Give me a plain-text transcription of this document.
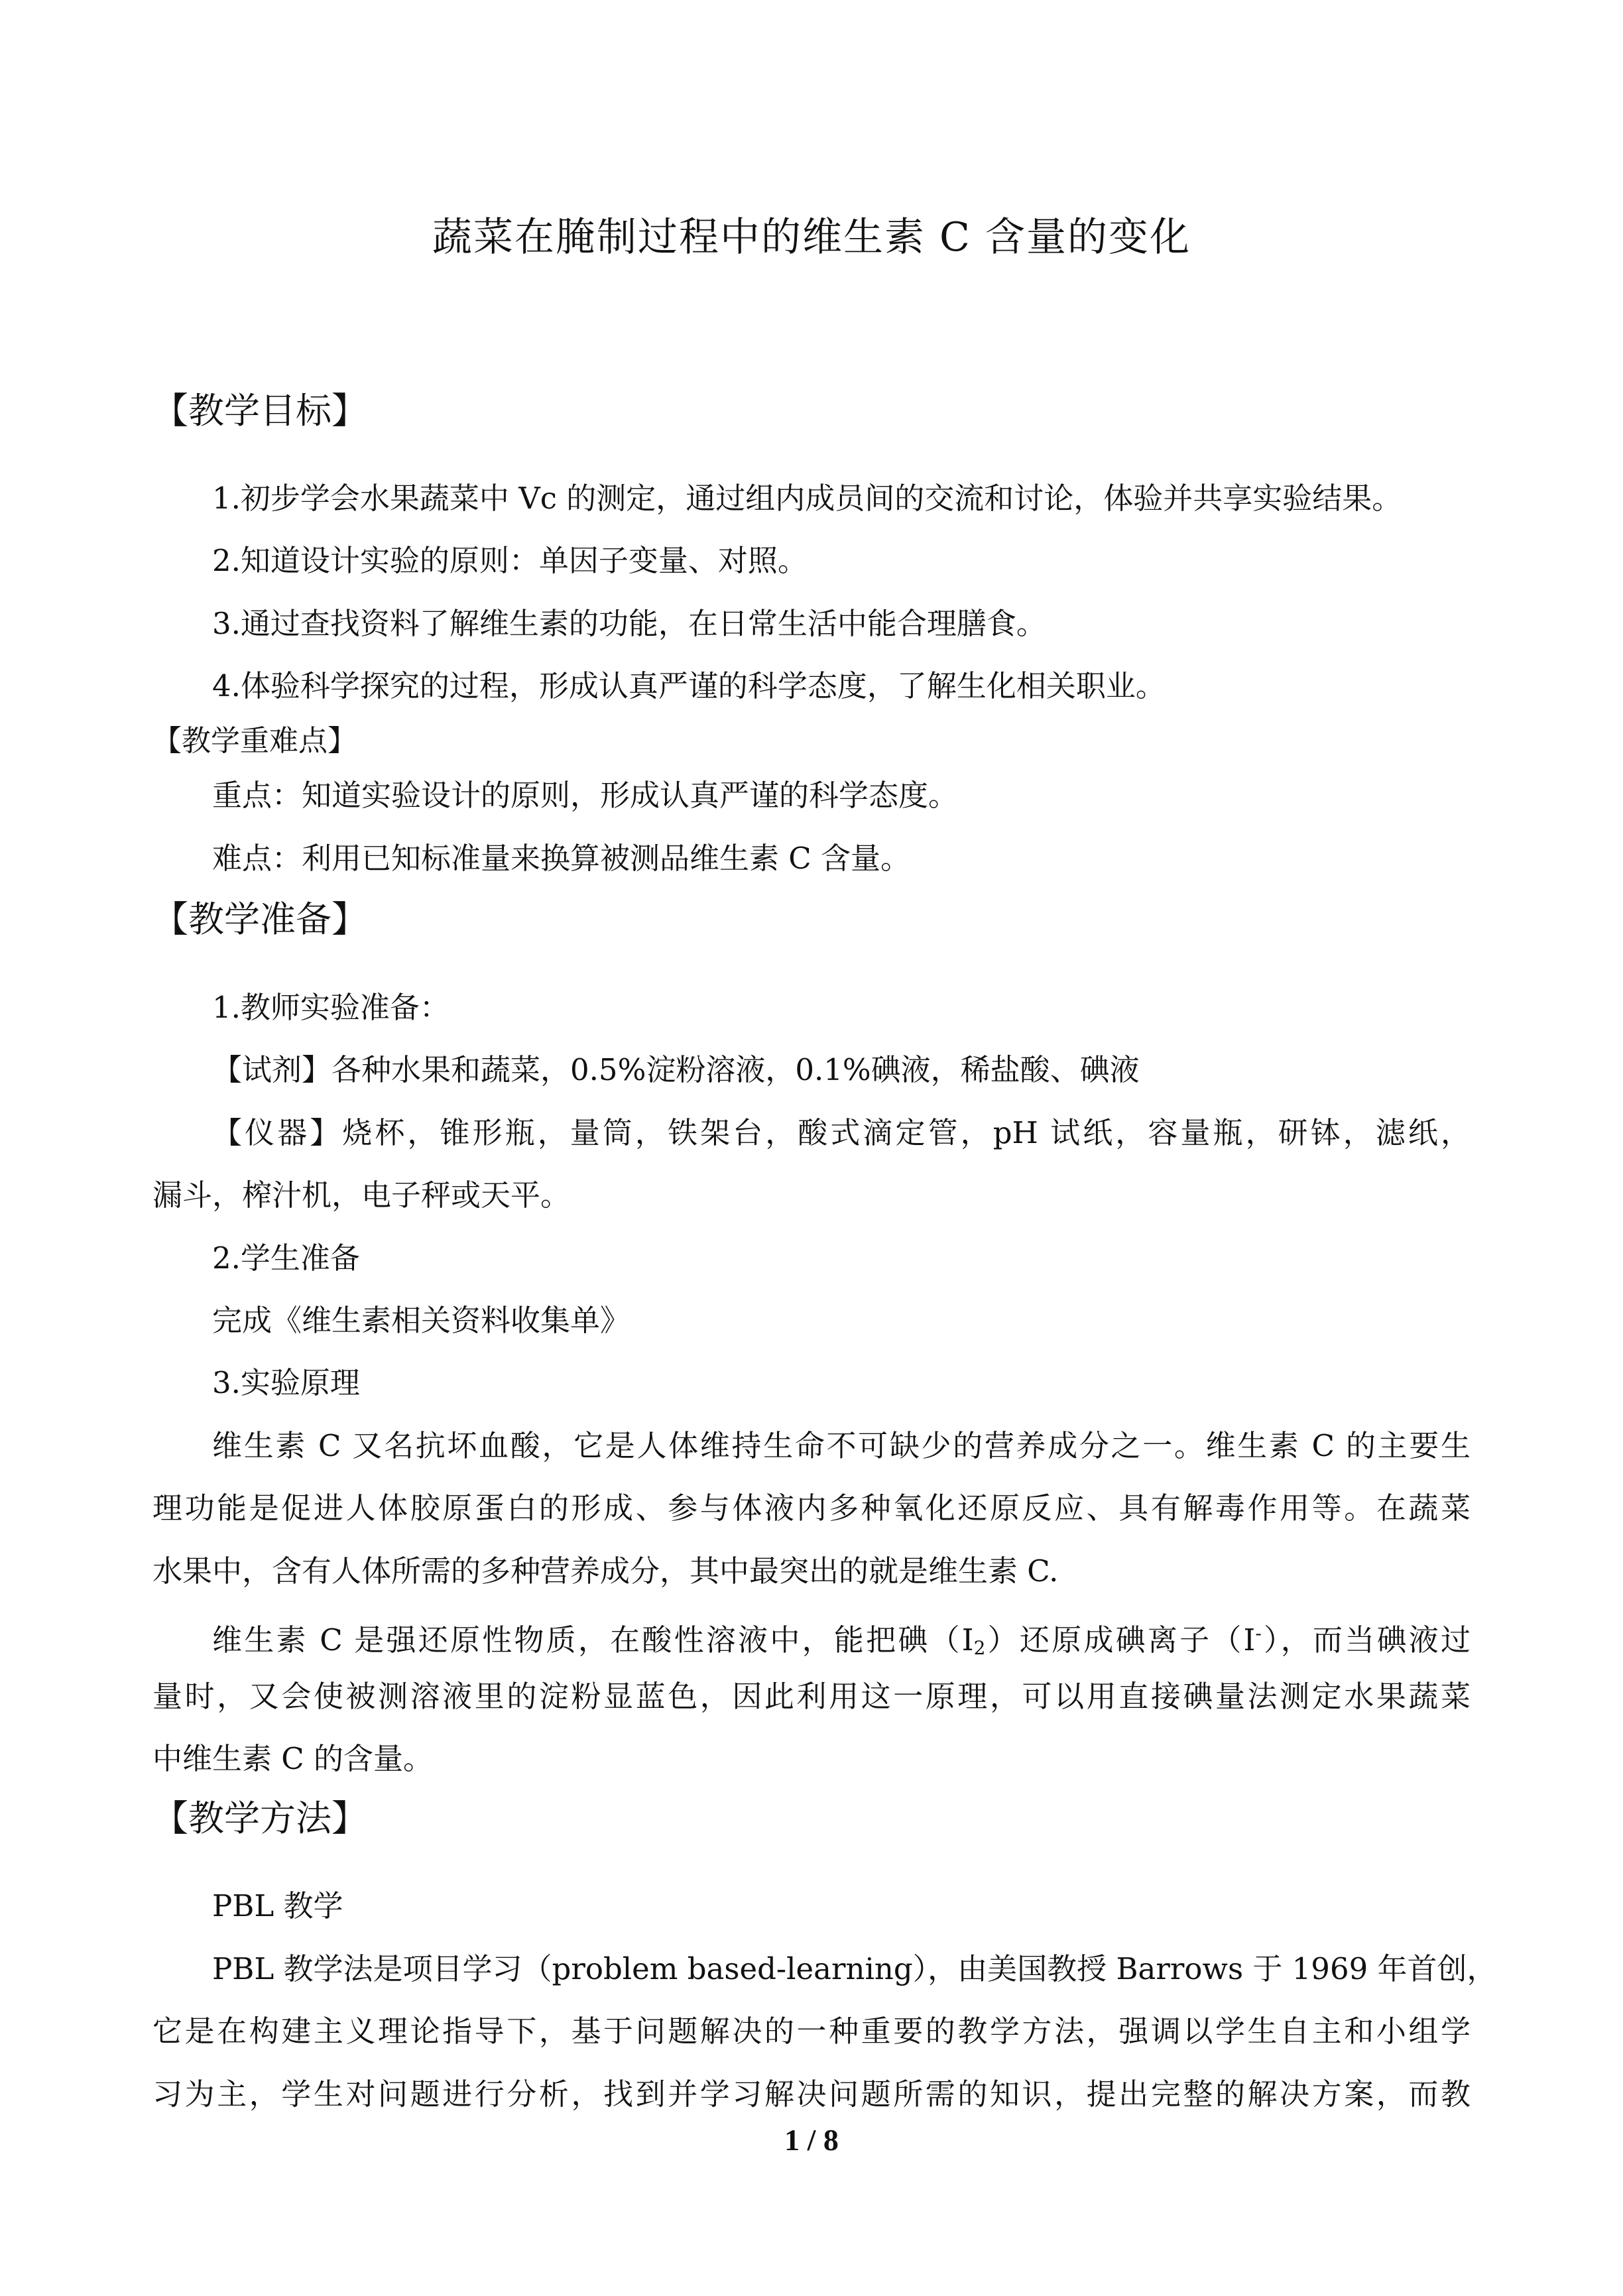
蔬菜在腌制过程中的维生素 C 含量的变化
【教学目标】
1.初步学会水果蔬菜中 Vc 的测定，通过组内成员间的交流和讨论，体验并共享实验结果。
2.知道设计实验的原则：单因子变量、对照。
3.通过查找资料了解维生素的功能，在日常生活中能合理膳食。
4.体验科学探究的过程，形成认真严谨的科学态度，了解生化相关职业。
【教学重难点】
重点：知道实验设计的原则，形成认真严谨的科学态度。
难点：利用已知标准量来换算被测品维生素 C 含量。
【教学准备】
1.教师实验准备：
【试剂】各种水果和蔬菜，0.5%淀粉溶液，0.1%碘液，稀盐酸、碘液
【仪器】烧杯，锥形瓶，量筒，铁架台，酸式滴定管，pH 试纸，容量瓶，研钵，滤纸，
漏斗，榨汁机，电子秤或天平。
2.学生准备
完成《维生素相关资料收集单》
3.实验原理
维生素 C 又名抗坏血酸，它是人体维持生命不可缺少的营养成分之一。维生素 C 的主要生
理功能是促进人体胶原蛋白的形成、参与体液内多种氧化还原反应、具有解毒作用等。在蔬菜
水果中，含有人体所需的多种营养成分，其中最突出的就是维生素 C.
维生素 C 是强还原性物质，在酸性溶液中，能把碘$(I_2)$还原成碘离子（I-），而当碘液过
量时，又会使被测溶液里的淀粉显蓝色，因此利用这一原理，可以用直接碘量法测定水果蔬菜
中维生素 C 的含量。
【教学方法】
PBL 教学
PBL 教学法是项目学习（problem based-learning），由美国教授 Barrows 于 1969 年首创，
它是在构建主义理论指导下，基于问题解决的一种重要的教学方法，强调以学生自主和小组学
习为主，学生对问题进行分析，找到并学习解决问题所需的知识，提出完整的解决方案，而教
1 / 8
